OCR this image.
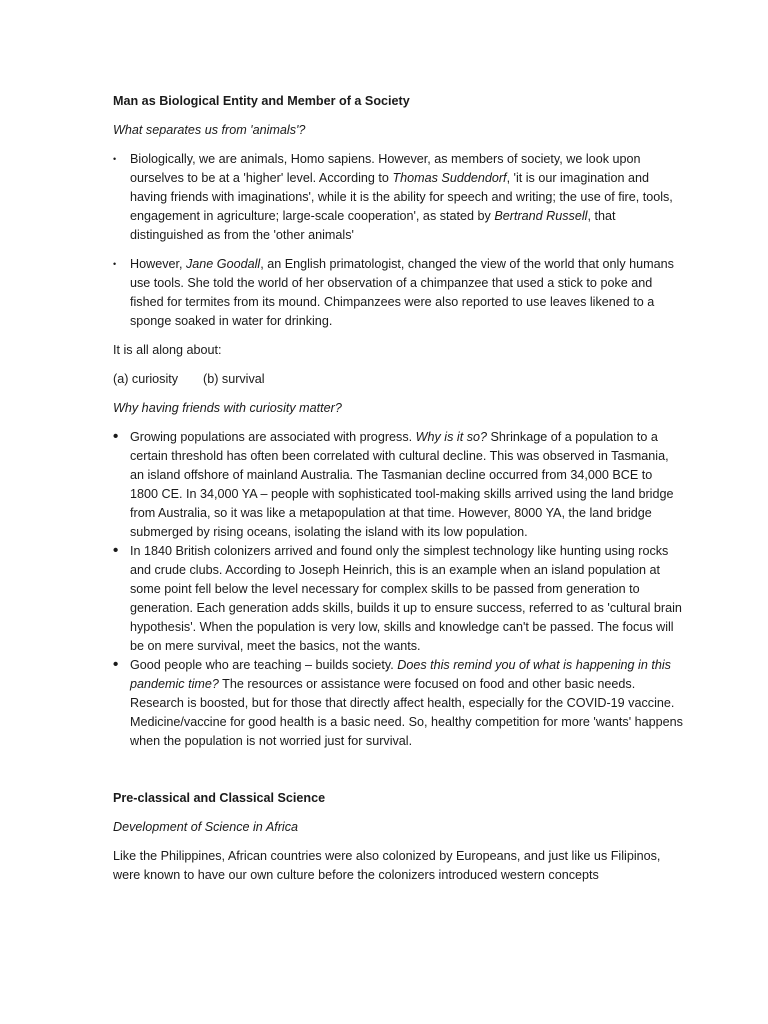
Man as Biological Entity and Member of a Society

What separates us from 'animals'?

• Biologically, we are animals, Homo sapiens. However, as members of society, we look upon ourselves to be at a 'higher' level. According to Thomas Suddendorf, 'it is our imagination and having friends with imaginations', while it is the ability for speech and writing; the use of fire, tools, engagement in agriculture; large-scale cooperation', as stated by Bertrand Russell, that distinguished as from the 'other animals'
• However, Jane Goodall, an English primatologist, changed the view of the world that only humans use tools. She told the world of her observation of a chimpanzee that used a stick to poke and fished for termites from its mound. Chimpanzees were also reported to use leaves likened to a sponge soaked in water for drinking.

It is all along about:

(a) curiosity (b) survival

Why having friends with curiosity matter?

• Growing populations are associated with progress. Why is it so? Shrinkage of a population to a certain threshold has often been correlated with cultural decline. This was observed in Tasmania, an island offshore of mainland Australia. The Tasmanian decline occurred from 34,000 BCE to 1800 CE. In 34,000 YA – people with sophisticated tool-making skills arrived using the land bridge from Australia, so it was like a metapopulation at that time. However, 8000 YA, the land bridge submerged by rising oceans, isolating the island with its low population.
• In 1840 British colonizers arrived and found only the simplest technology like hunting using rocks and crude clubs. According to Joseph Heinrich, this is an example when an island population at some point fell below the level necessary for complex skills to be passed from generation to generation. Each generation adds skills, builds it up to ensure success, referred to as 'cultural brain hypothesis'. When the population is very low, skills and knowledge can't be passed. The focus will be on mere survival, meet the basics, not the wants.
• Good people who are teaching – builds society. Does this remind you of what is happening in this pandemic time? The resources or assistance were focused on food and other basic needs. Research is boosted, but for those that directly affect health, especially for the COVID-19 vaccine. Medicine/vaccine for good health is a basic need. So, healthy competition for more 'wants' happens when the population is not worried just for survival.

Pre-classical and Classical Science

Development of Science in Africa

Like the Philippines, African countries were also colonized by Europeans, and just like us Filipinos, were known to have our own culture before the colonizers introduced western concepts
